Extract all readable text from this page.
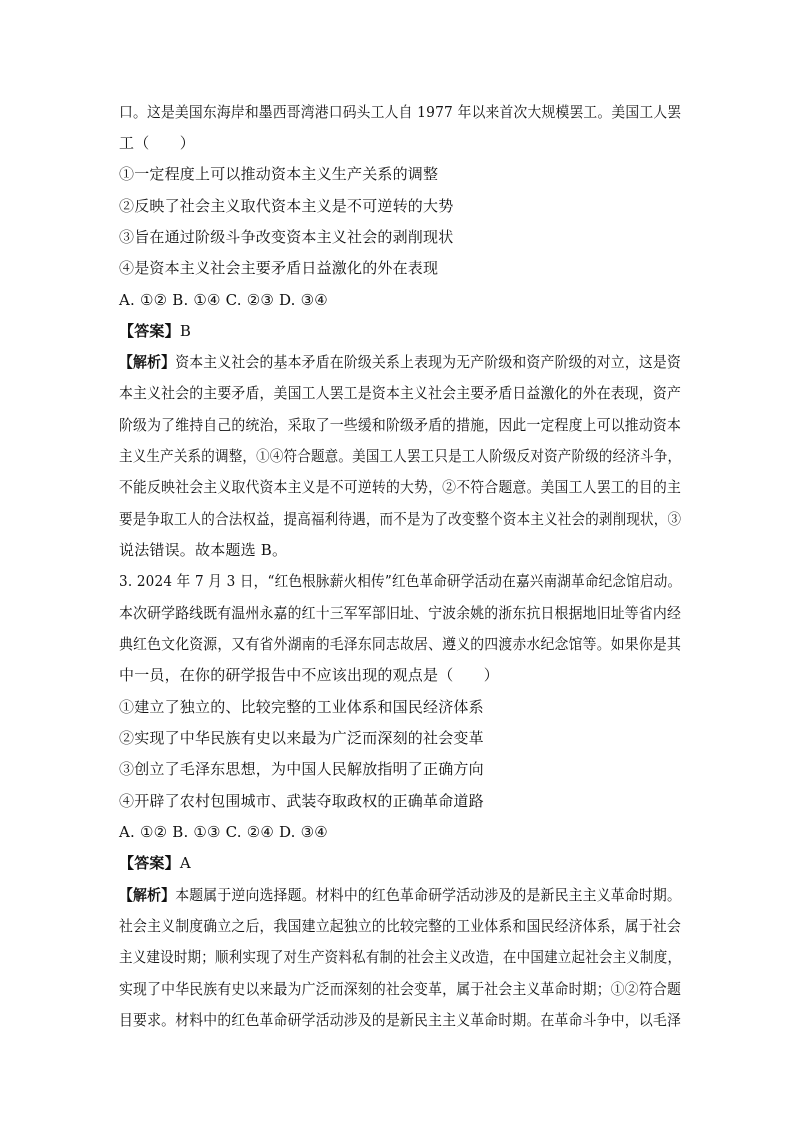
口。这是美国东海岸和墨西哥湾港口码头工人自 1977 年以来首次大规模罢工。美国工人罢
工（　　）
①一定程度上可以推动资本主义生产关系的调整
②反映了社会主义取代资本主义是不可逆转的大势
③旨在通过阶级斗争改变资本主义社会的剥削现状
④是资本主义社会主要矛盾日益激化的外在表现
A. ①② B. ①④ C. ②③ D. ③④
【答案】B
【解析】资本主义社会的基本矛盾在阶级关系上表现为无产阶级和资产阶级的对立，这是资
本主义社会的主要矛盾，美国工人罢工是资本主义社会主要矛盾日益激化的外在表现，资产
阶级为了维持自己的统治，采取了一些缓和阶级矛盾的措施，因此一定程度上可以推动资本
主义生产关系的调整，①④符合题意。美国工人罢工只是工人阶级反对资产阶级的经济斗争，
不能反映社会主义取代资本主义是不可逆转的大势，②不符合题意。美国工人罢工的目的主
要是争取工人的合法权益，提高福利待遇，而不是为了改变整个资本主义社会的剥削现状，③
说法错误。故本题选 B。
3. 2024 年 7 月 3 日，“红色根脉薪火相传”红色革命研学活动在嘉兴南湖革命纪念馆启动。
本次研学路线既有温州永嘉的红十三军军部旧址、宁波余姚的浙东抗日根据地旧址等省内经
典红色文化资源，又有省外湖南的毛泽东同志故居、遵义的四渡赤水纪念馆等。如果你是其
中一员，在你的研学报告中不应该出现的观点是（　　）
①建立了独立的、比较完整的工业体系和国民经济体系
②实现了中华民族有史以来最为广泛而深刻的社会变革
③创立了毛泽东思想，为中国人民解放指明了正确方向
④开辟了农村包围城市、武装夺取政权的正确革命道路
A. ①② B. ①③ C. ②④ D. ③④
【答案】A
【解析】本题属于逆向选择题。材料中的红色革命研学活动涉及的是新民主主义革命时期。
社会主义制度确立之后，我国建立起独立的比较完整的工业体系和国民经济体系，属于社会
主义建设时期；顺利实现了对生产资料私有制的社会主义改造，在中国建立起社会主义制度，
实现了中华民族有史以来最为广泛而深刻的社会变革，属于社会主义革命时期；①②符合题
目要求。材料中的红色革命研学活动涉及的是新民主主义革命时期。在革命斗争中，以毛泽
